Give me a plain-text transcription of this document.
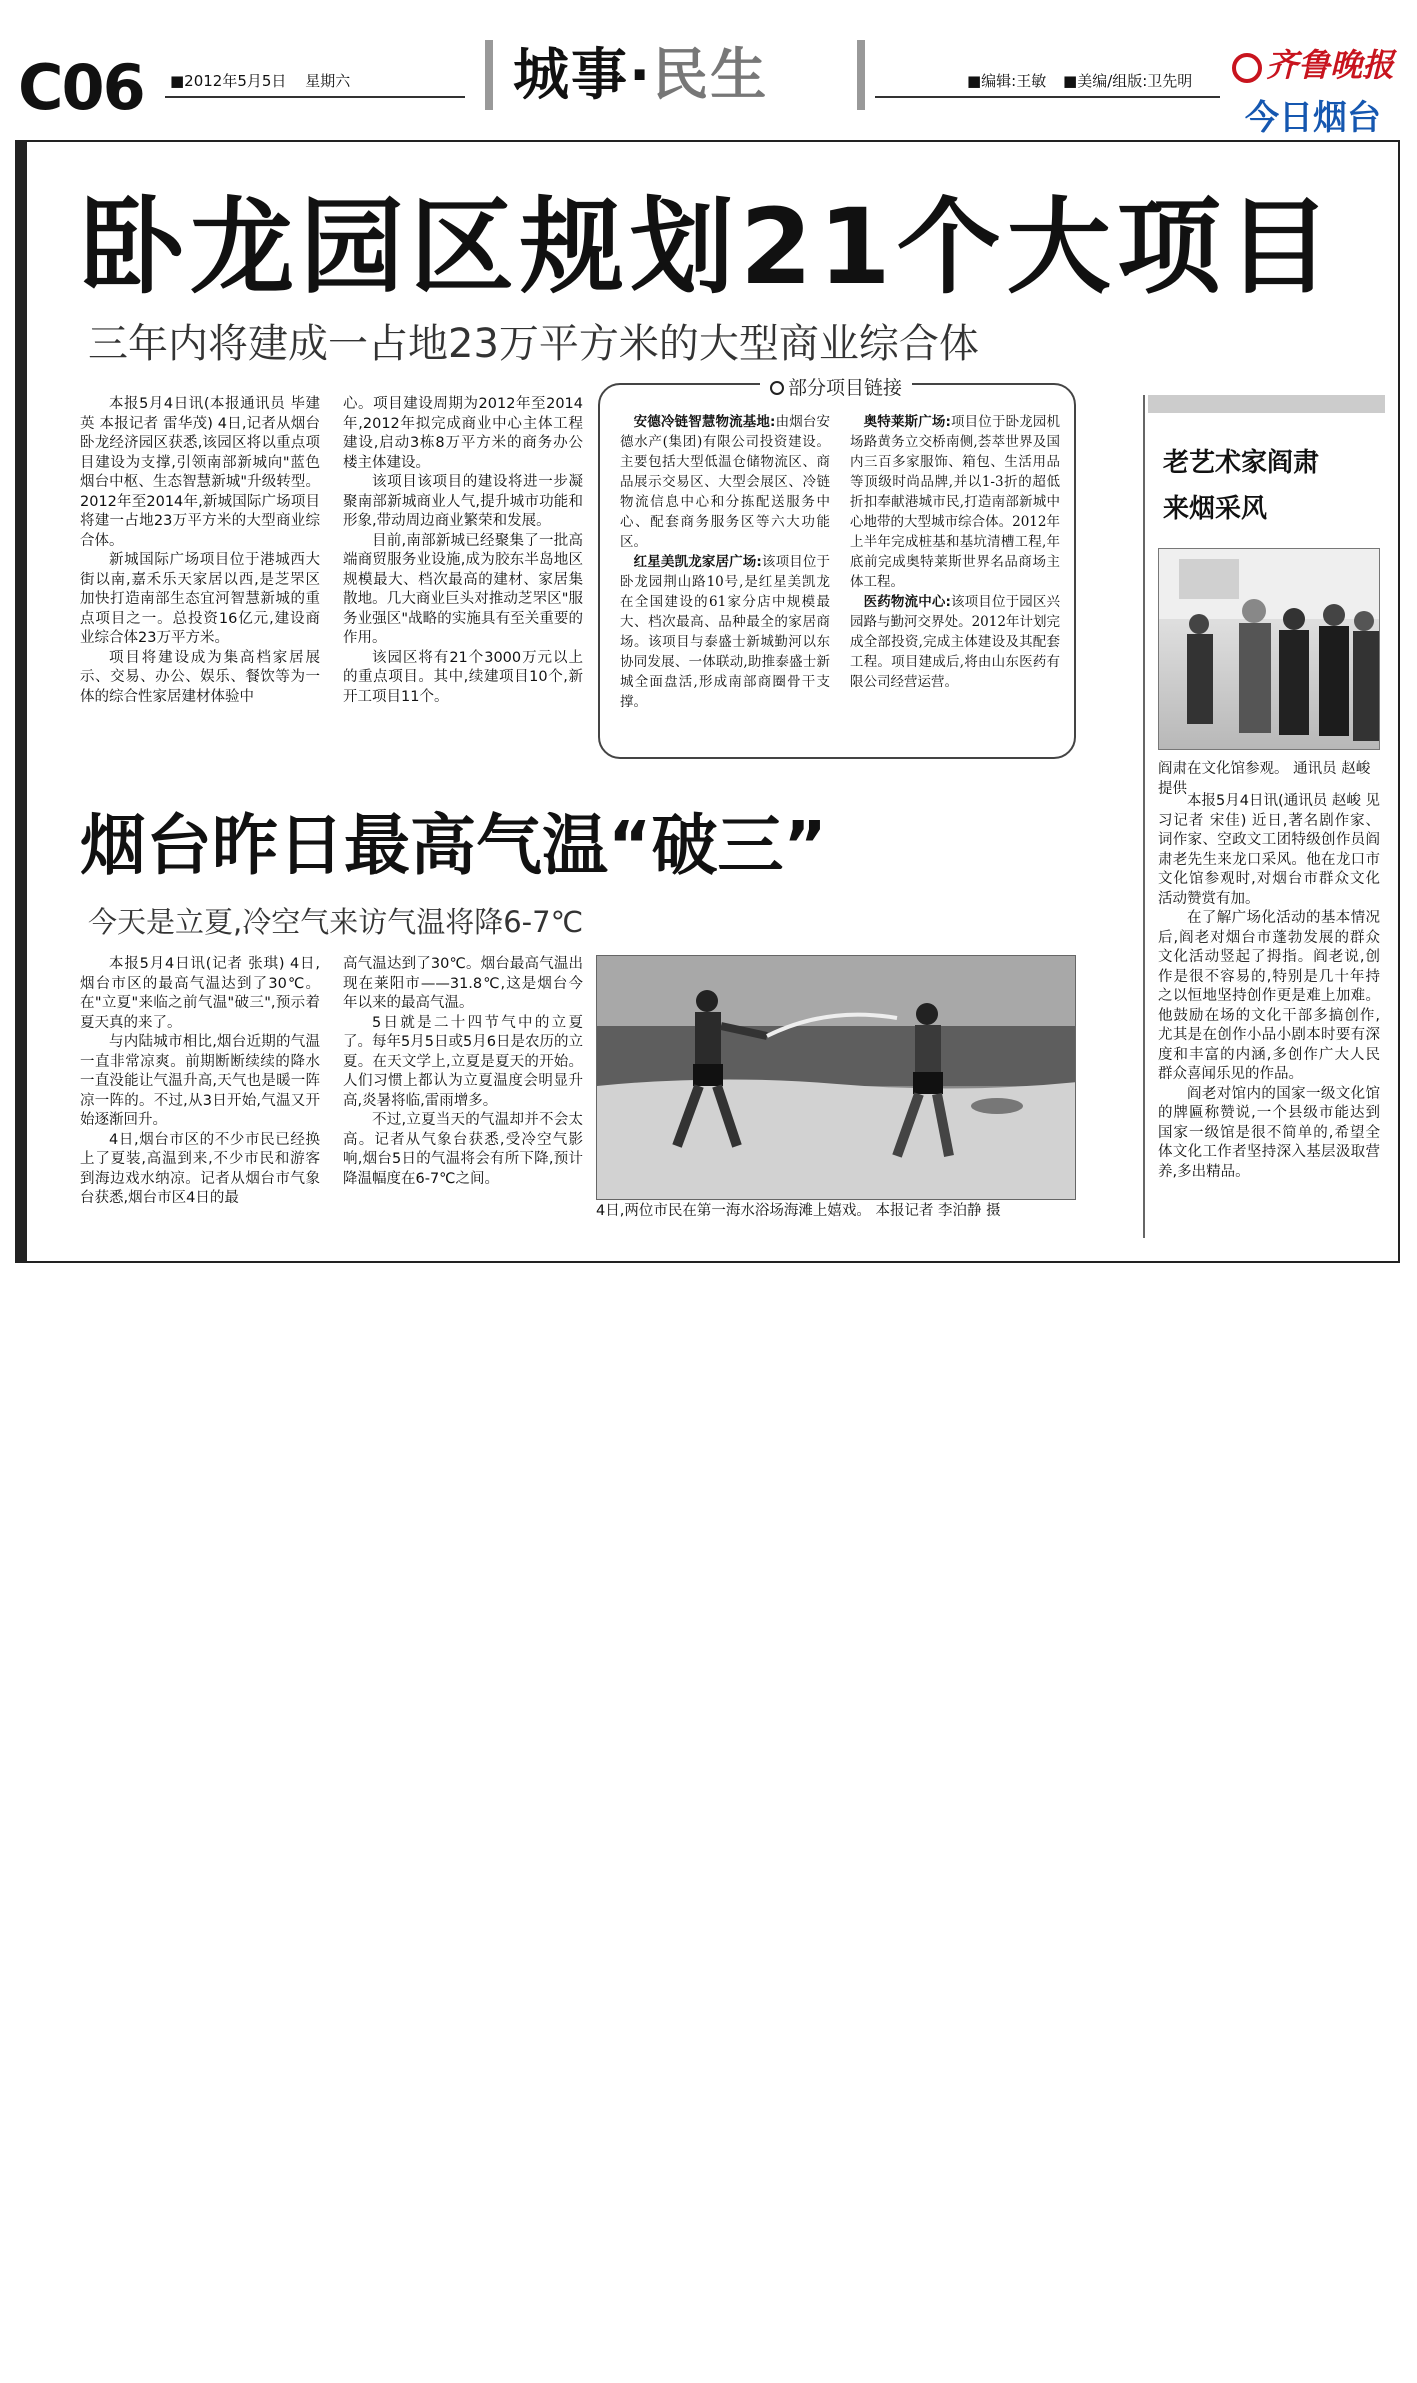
C06 ■2012年5月5日 星期六	城事·民生	■编辑:王敏 ■美编/组版:卫先明	齐鲁晚报
今日烟台
卧龙园区规划21个大项目
三年内将建成一占地23万平方米的大型商业综合体

本报5月4日讯(本报通讯员 毕建英 本报记者 雷华茂) 4日,记者从烟台卧龙经济园区获悉,该园区将以重点项目建设为支撑,引领南部新城向"蓝色烟台中枢、生态智慧新城"升级转型。2012年至2014年,新城国际广场项目将建一占地23万平方米的大型商业综合体。

新城国际广场项目位于港城西大街以南,嘉禾乐天家居以西,是芝罘区加快打造南部生态宜河智慧新城的重点项目之一。总投资16亿元,建设商业综合体23万平方米。

项目将建设成为集高档家居展示、交易、办公、娱乐、餐饮等为一体的综合性家居建材体验中

心。项目建设周期为2012年至2014年,2012年拟完成商业中心主体工程建设,启动3栋8万平方米的商务办公楼主体建设。

该项目该项目的建设将进一步凝聚南部新城商业人气,提升城市功能和形象,带动周边商业繁荣和发展。

目前,南部新城已经聚集了一批高端商贸服务业设施,成为胶东半岛地区规模最大、档次最高的建材、家居集散地。几大商业巨头对推动芝罘区"服务业强区"战略的实施具有至关重要的作用。

该园区将有21个3000万元以上的重点项目。其中,续建项目10个,新开工项目11个。

部分项目链接

　安德冷链智慧物流基地:由烟台安德水产(集团)有限公司投资建设。主要包括大型低温仓储物流区、商品展示交易区、大型会展区、冷链物流信息中心和分拣配送服务中心、配套商务服务区等六大功能区。

　红星美凯龙家居广场:该项目位于卧龙园荆山路10号,是红星美凯龙在全国建设的61家分店中规模最大、档次最高、品种最全的家居商场。该项目与泰盛士新城勤河以东协同发展、一体联动,助推泰盛士新城全面盘活,形成南部商圈骨干支撑。

　奥特莱斯广场:项目位于卧龙园机场路黄务立交桥南侧,荟萃世界及国内三百多家服饰、箱包、生活用品等顶级时尚品牌,并以1-3折的超低折扣奉献港城市民,打造南部新城中心地带的大型城市综合体。2012年上半年完成桩基和基坑清槽工程,年底前完成奥特莱斯世界名品商场主体工程。

　医药物流中心:该项目位于园区兴园路与勤河交界处。2012年计划完成全部投资,完成主体建设及其配套工程。项目建成后,将由山东医药有限公司经营运营。

老艺术家阎肃
来烟采风
阎肃在文化馆参观。 通讯员 赵峻 提供

本报5月4日讯(通讯员 赵峻 见习记者 宋佳) 近日,著名剧作家、词作家、空政文工团特级创作员阎肃老先生来龙口采风。他在龙口市文化馆参观时,对烟台市群众文化活动赞赏有加。

在了解广场化活动的基本情况后,阎老对烟台市蓬勃发展的群众文化活动竖起了拇指。阎老说,创作是很不容易的,特别是几十年持之以恒地坚持创作更是难上加难。他鼓励在场的文化干部多搞创作,尤其是在创作小品小剧本时要有深度和丰富的内涵,多创作广大人民群众喜闻乐见的作品。

阎老对馆内的国家一级文化馆的牌匾称赞说,一个县级市能达到国家一级馆是很不简单的,希望全体文化工作者坚持深入基层汲取营养,多出精品。

烟台昨日最高气温“破三”
今天是立夏,冷空气来访气温将降6-7℃

本报5月4日讯(记者 张琪) 4日,烟台市区的最高气温达到了30℃。在"立夏"来临之前气温"破三",预示着夏天真的来了。

与内陆城市相比,烟台近期的气温一直非常凉爽。前期断断续续的降水一直没能让气温升高,天气也是暖一阵凉一阵的。不过,从3日开始,气温又开始逐渐回升。

4日,烟台市区的不少市民已经换上了夏装,高温到来,不少市民和游客到海边戏水纳凉。记者从烟台市气象台获悉,烟台市区4日的最

高气温达到了30℃。烟台最高气温出现在莱阳市——31.8℃,这是烟台今年以来的最高气温。

5日就是二十四节气中的立夏了。每年5月5日或5月6日是农历的立夏。在天文学上,立夏是夏天的开始。人们习惯上都认为立夏温度会明显升高,炎暑将临,雷雨增多。

不过,立夏当天的气温却并不会太高。记者从气象台获悉,受冷空气影响,烟台5日的气温将会有所下降,预计降温幅度在6-7℃之间。

4日,两位市民在第一海水浴场海滩上嬉戏。 本报记者 李泊静 摄
